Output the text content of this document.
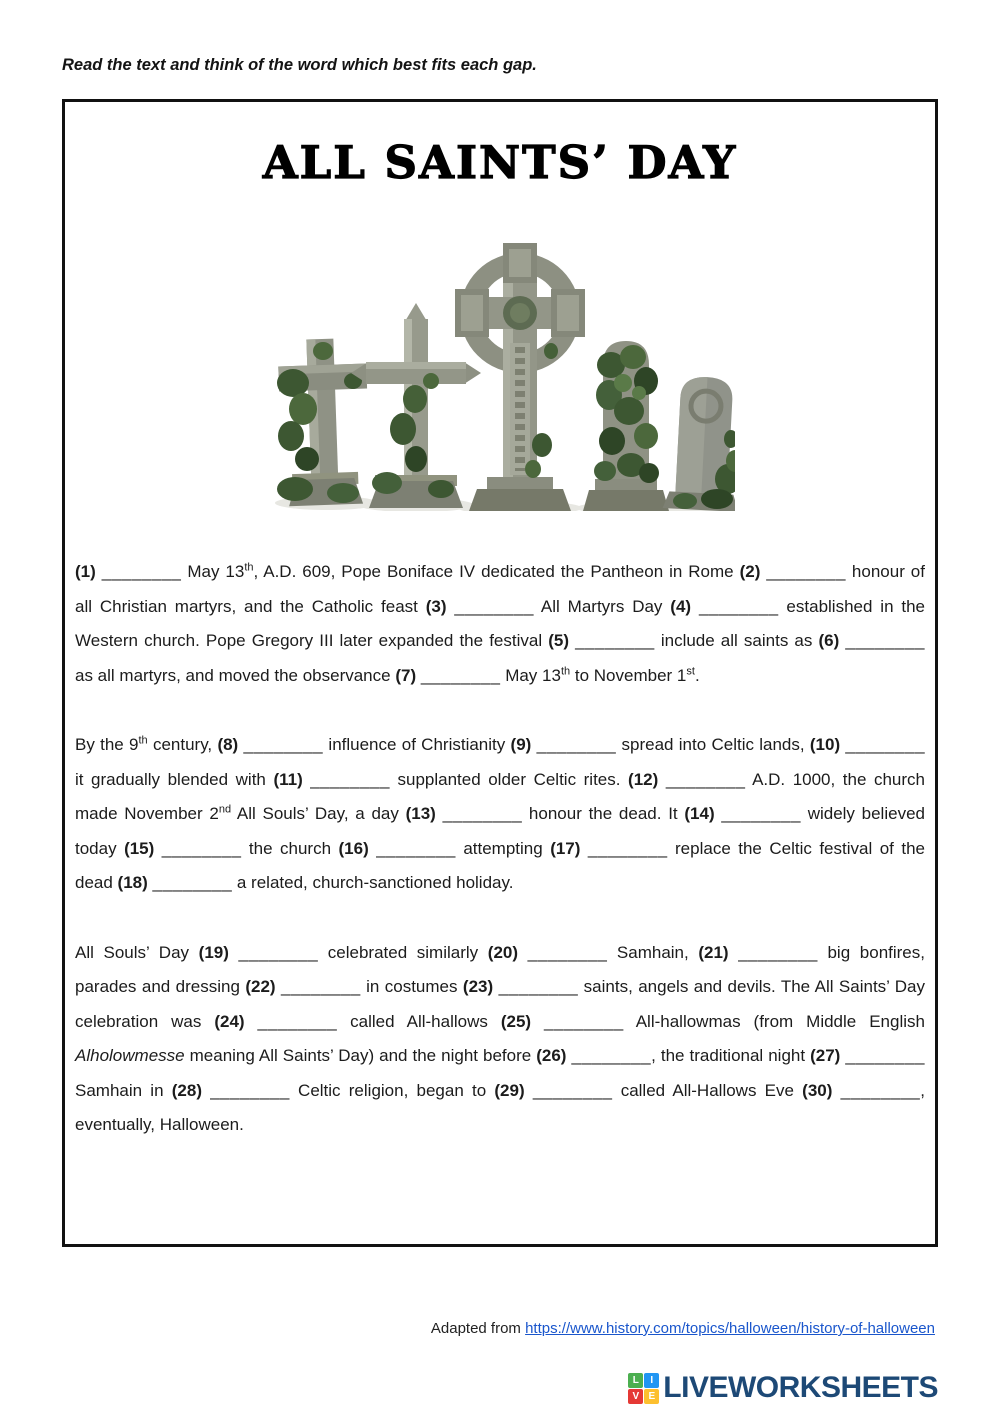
Read the text and think of the word which best fits each gap.
ALL SAINTS’ DAY

(1) ________ May 13th, A.D. 609, Pope Boniface IV dedicated the Pantheon in Rome (2) ________ honour of all Christian martyrs, and the Catholic feast (3) ________ All Martyrs Day (4) ________ established in the Western church. Pope Gregory III later expanded the festival (5) ________ include all saints as (6) ________ as all martyrs, and moved the observance (7) ________ May 13th to November 1st.

By the 9th century, (8) ________ influence of Christianity (9) ________ spread into Celtic lands, (10) ________ it gradually blended with (11) ________ supplanted older Celtic rites. (12) ________ A.D. 1000, the church made November 2nd All Souls’ Day, a day (13) ________ honour the dead. It (14) ________ widely believed today (15) ________ the church (16) ________ attempting (17) ________ replace the Celtic festival of the dead (18) ________ a related, church-sanctioned holiday.

All Souls’ Day (19) ________ celebrated similarly (20) ________ Samhain, (21) ________ big bonfires, parades and dressing (22) ________ in costumes (23) ________ saints, angels and devils. The All Saints’ Day celebration was (24) ________ called All-hallows (25) ________ All-hallowmas (from Middle English Alholowmesse meaning All Saints’ Day) and the night before (26) ________, the traditional night (27) ________ Samhain in (28) ________ Celtic religion, began to (29) ________ called All-Hallows Eve (30) ________, eventually, Halloween.

Adapted from https://www.history.com/topics/halloween/history-of-halloween
L	I
V E LIVEWORKSHEETS
